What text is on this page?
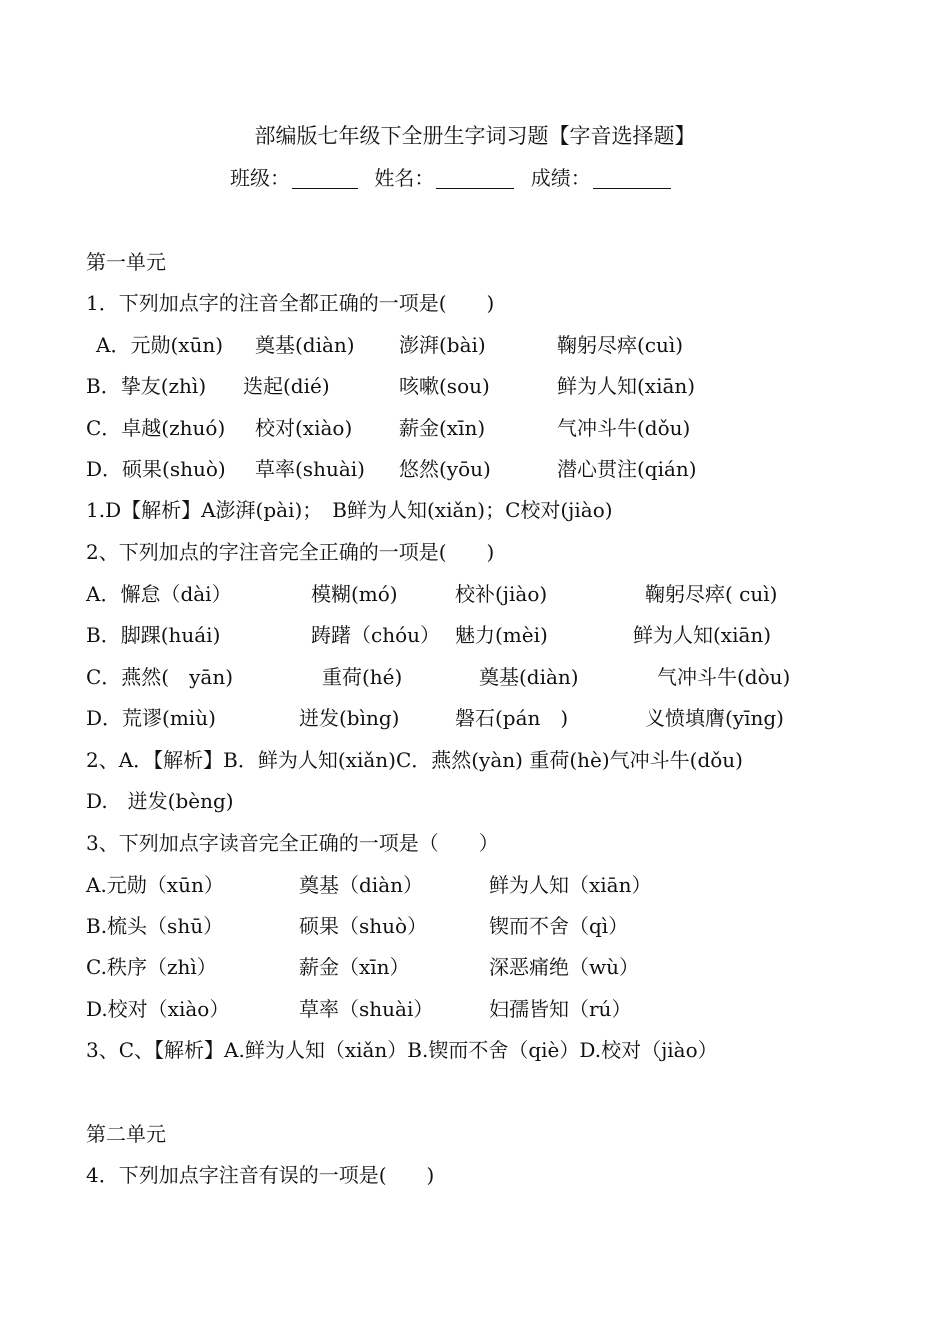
部编版七年级下全册生字词习题【字音选择题】
班级：	姓名：	成绩：
第一单元
1．下列加点字的注音全都正确的一项是(　　)
A．元勋(xūn) 奠基(diàn) 澎湃(bài)	鞠躬尽瘁(cuì)
B．挚友(zhì) 迭起(dié)	咳嗽(sou)	鲜为人知(xiān)
C．卓越(zhuó) 校对(xiào) 薪金(xīn)	气冲斗牛(dǒu)
D．硕果(shuò) 草率(shuài) 悠然(yōu)	潜心贯注(qián)
1.D【解析】A澎湃(pài)；　B鲜为人知(xiǎn)；C校对(jiào)
2、下列加点的字注音完全正确的一项是(　　)
A．懈怠（dài）	模糊(mó)	校补(jiào)	鞠躬尽瘁( cuì)
B．脚踝(huái)	踌躇（chóu） 魅力(mèi)	鲜为人知(xiān)
C．燕然(　yān)	重荷(hé)	奠基(diàn)	气冲斗牛(dòu)
D．荒谬(miù)	迸发(bìng)	磐石(pán　)	义愤填膺(yīng)
2、A．【解析】B．鲜为人知(xiǎn)C．燕然(yàn) 重荷(hè)气冲斗牛(dǒu)
D.　迸发(bèng)
3、下列加点字读音完全正确的一项是（　　）
A.元勋（xūn）	奠基（diàn）	鲜为人知（xiān）
B.梳头（shū）	硕果（shuò）	锲而不舍（qì）
C.秩序（zhì）	薪金（xīn）	深恶痛绝（wù）
D.校对（xiào）	草率（shuài）	妇孺皆知（rú）
3、C、【解析】A.鲜为人知（xiǎn）B.锲而不舍（qiè）D.校对（jiào）
第二单元
4．下列加点字注音有误的一项是(　　)
